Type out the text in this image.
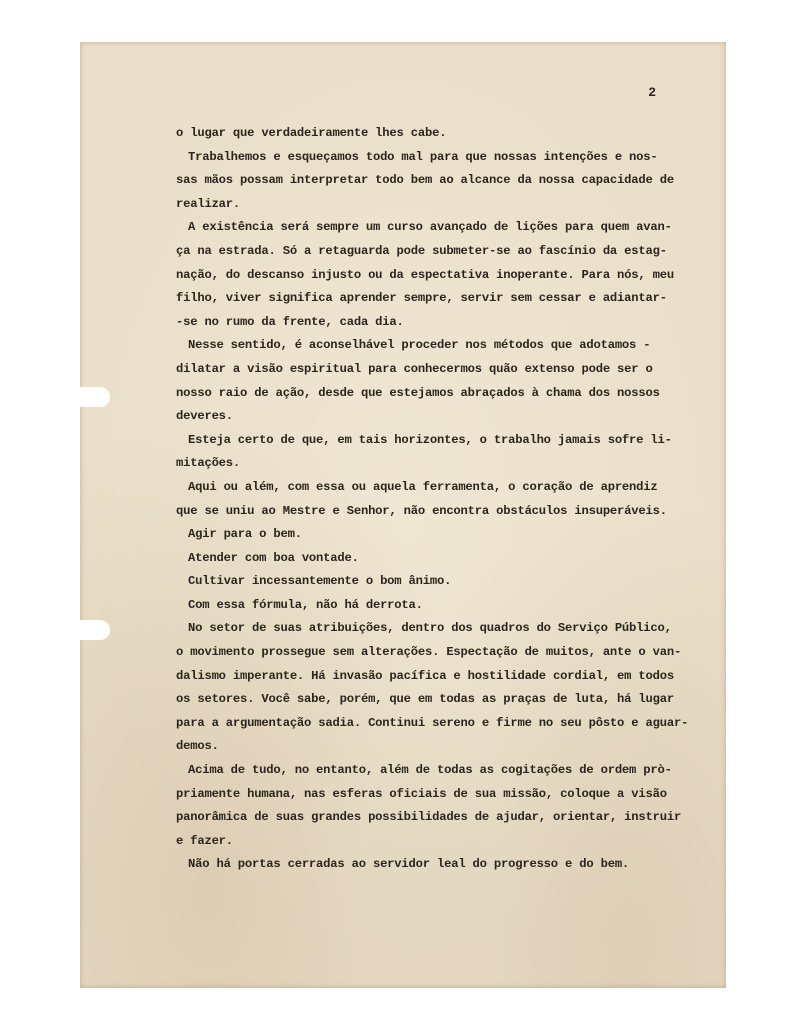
2
o lugar que verdadeiramente lhes cabe.
Trabalhemos e esqueçamos todo mal para que nossas intenções e nos-
sas mãos possam interpretar todo bem ao alcance da nossa capacidade de
realizar.
A existência será sempre um curso avançado de lições para quem avan-
ça na estrada. Só a retaguarda pode submeter-se ao fascínio da estag-
nação, do descanso injusto ou da espectativa inoperante. Para nós, meu
filho, viver significa aprender sempre, servir sem cessar e adiantar-
-se no rumo da frente, cada dia.
Nesse sentido, é aconselhável proceder nos métodos que adotamos -
dilatar a visão espiritual para conhecermos quão extenso pode ser o
nosso raio de ação, desde que estejamos abraçados à chama dos nossos
deveres.
Esteja certo de que, em tais horizontes, o trabalho jamais sofre li-
mitações.
Aqui ou além, com essa ou aquela ferramenta, o coração de aprendiz
que se uniu ao Mestre e Senhor, não encontra obstáculos insuperáveis.
Agir para o bem.
Atender com boa vontade.
Cultivar incessantemente o bom ânimo.
Com essa fórmula, não há derrota.
No setor de suas atribuições, dentro dos quadros do Serviço Público,
o movimento prossegue sem alterações. Espectação de muitos, ante o van-
dalismo imperante. Há invasão pacífica e hostilidade cordial, em todos
os setores. Você sabe, porém, que em todas as praças de luta, há lugar
para a argumentação sadia. Continui sereno e firme no seu pôsto e aguar-
demos.
Acima de tudo, no entanto, além de todas as cogitações de ordem prò-
priamente humana, nas esferas oficiais de sua missão, coloque a visão
panorâmica de suas grandes possibilidades de ajudar, orientar, instruir
e fazer.
Não há portas cerradas ao servidor leal do progresso e do bem.
